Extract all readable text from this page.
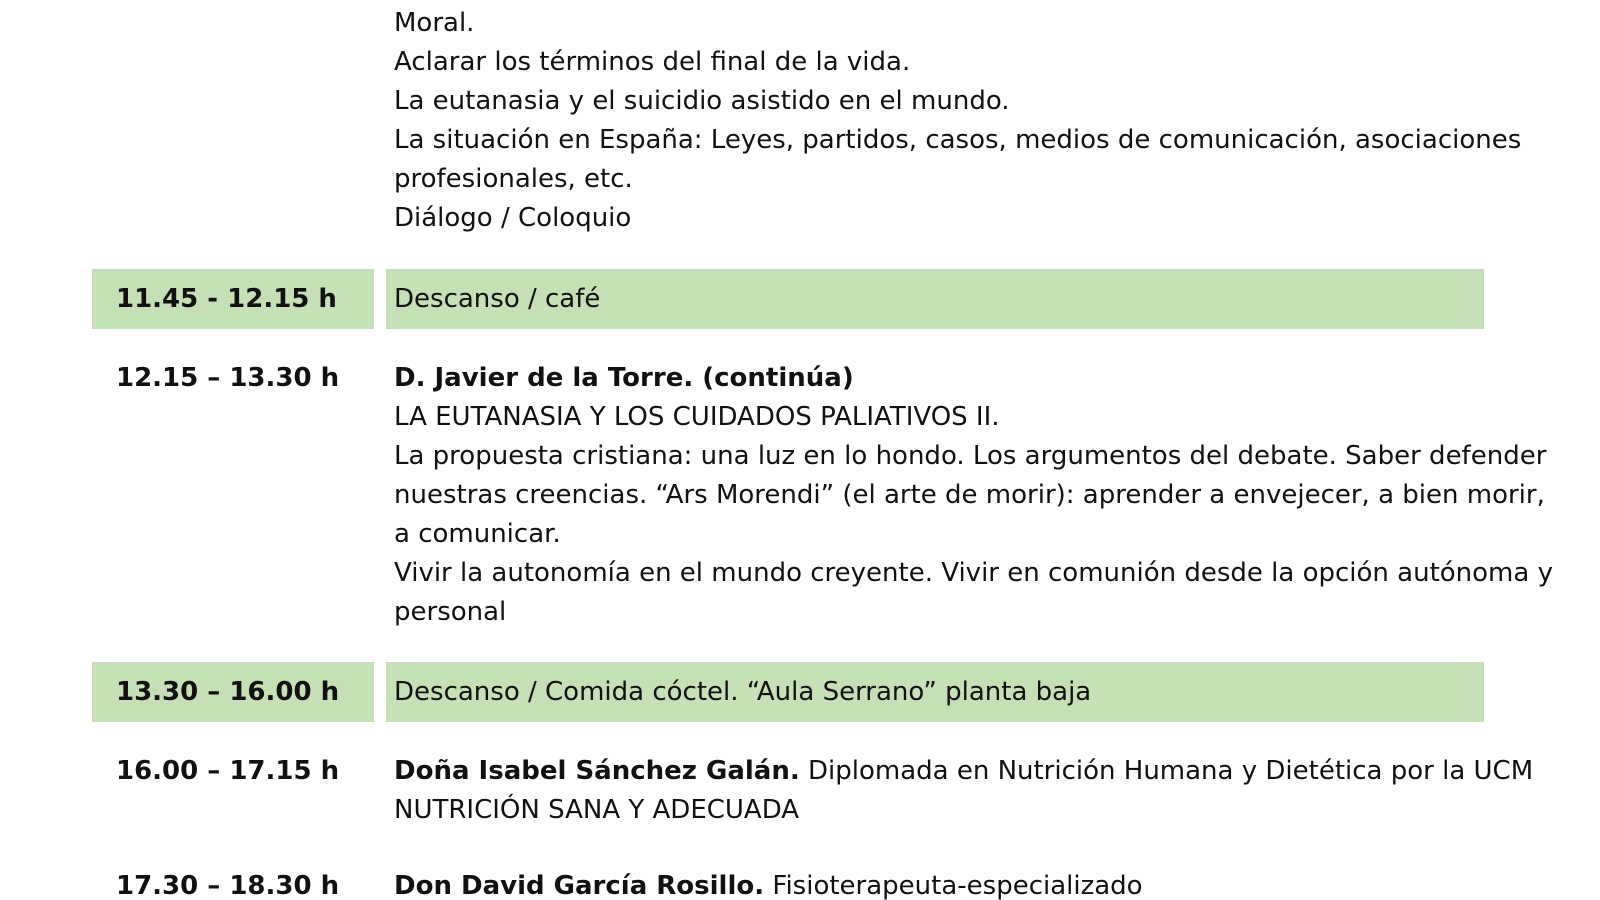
Moral.
Aclarar los términos del final de la vida.
La eutanasia y el suicidio asistido en el mundo.
La situación en España: Leyes, partidos, casos, medios de comunicación, asociaciones
profesionales, etc.
Diálogo / Coloquio
11.45 - 12.15 h Descanso / café
12.15 – 13.30 h D. Javier de la Torre. (continúa)
LA EUTANASIA Y LOS CUIDADOS PALIATIVOS II.
La propuesta cristiana: una luz en lo hondo. Los argumentos del debate. Saber defender
nuestras creencias. “Ars Morendi” (el arte de morir): aprender a envejecer, a bien morir,
a comunicar.
Vivir la autonomía en el mundo creyente. Vivir en comunión desde la opción autónoma y
personal
13.30 – 16.00 h Descanso / Comida cóctel. “Aula Serrano” planta baja
16.00 – 17.15 h Doña Isabel Sánchez Galán. Diplomada en Nutrición Humana y Dietética por la UCM
NUTRICIÓN SANA Y ADECUADA
17.30 – 18.30 h Don David García Rosillo. Fisioterapeuta-especializado
